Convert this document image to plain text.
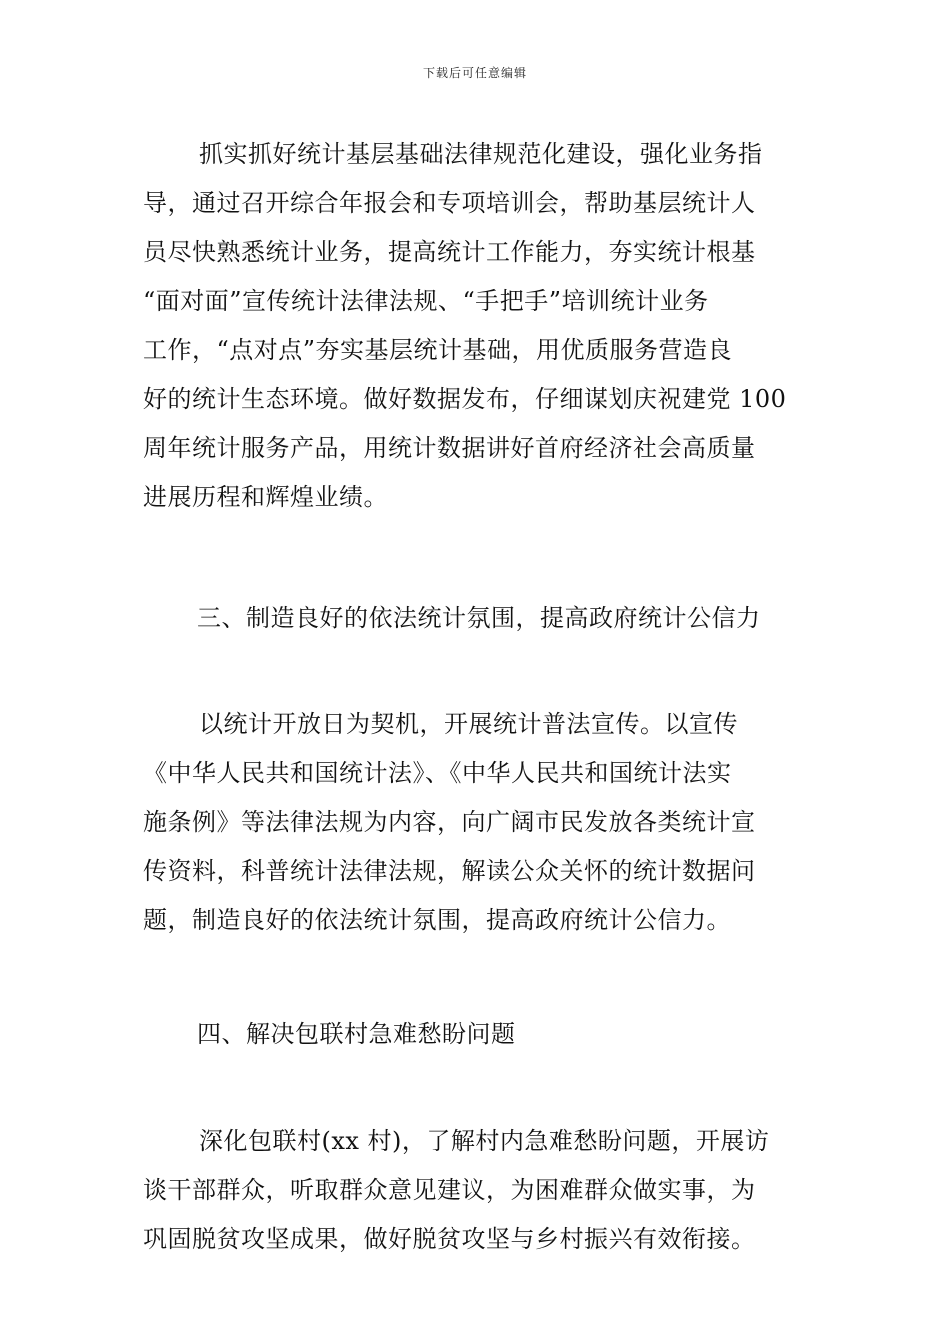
下载后可任意编辑

抓实抓好统计基层基础法律规范化建设，强化业务指
导，通过召开综合年报会和专项培训会，帮助基层统计人
员尽快熟悉统计业务，提高统计工作能力，夯实统计根基
“面对面”宣传统计法律法规、“手把手”培训统计业务
工作，“点对点”夯实基层统计基础，用优质服务营造良
好的统计生态环境。做好数据发布，仔细谋划庆祝建党 100
周年统计服务产品，用统计数据讲好首府经济社会高质量
进展历程和辉煌业绩。

三、制造良好的依法统计氛围，提高政府统计公信力

以统计开放日为契机，开展统计普法宣传。以宣传
《中华人民共和国统计法》、《中华人民共和国统计法实
施条例》等法律法规为内容，向广阔市民发放各类统计宣
传资料，科普统计法律法规，解读公众关怀的统计数据问
题，制造良好的依法统计氛围，提高政府统计公信力。

四、解决包联村急难愁盼问题

深化包联村(xx 村)，了解村内急难愁盼问题，开展访
谈干部群众，听取群众意见建议，为困难群众做实事，为
巩固脱贫攻坚成果，做好脱贫攻坚与乡村振兴有效衔接。
